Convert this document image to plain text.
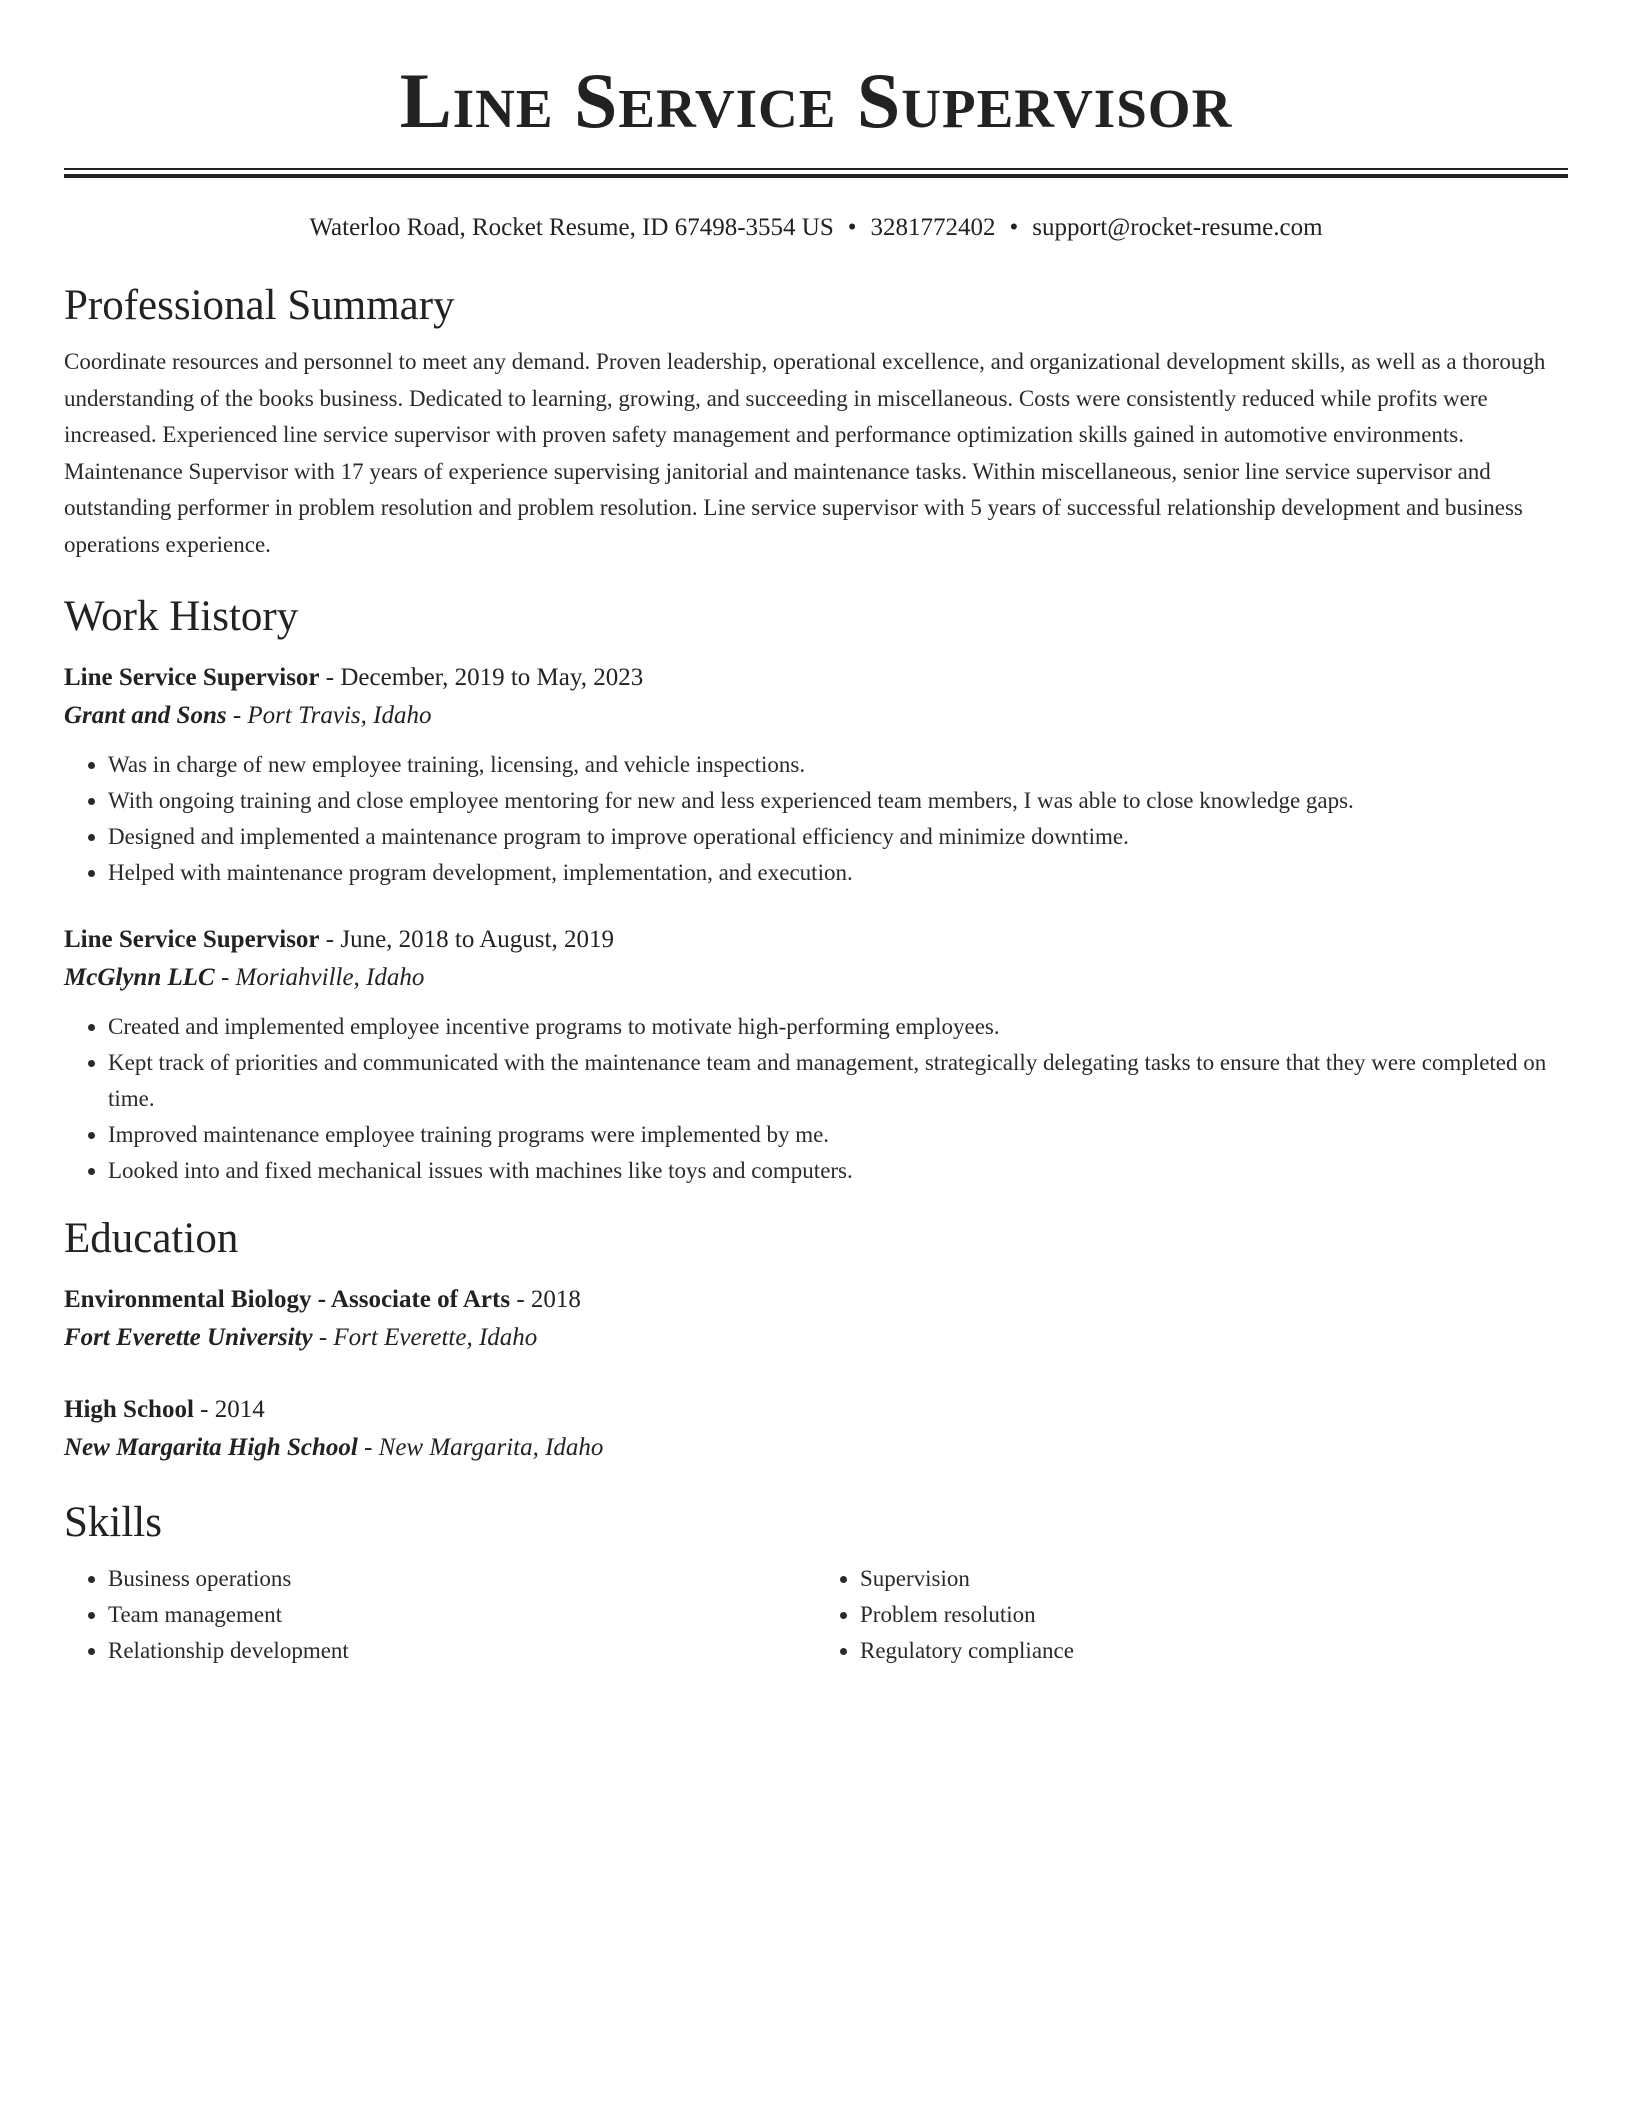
Line Service Supervisor
Waterloo Road, Rocket Resume, ID 67498-3554 US • 3281772402 • support@rocket-resume.com
Professional Summary
Coordinate resources and personnel to meet any demand. Proven leadership, operational excellence, and organizational development skills, as well as a thorough understanding of the books business. Dedicated to learning, growing, and succeeding in miscellaneous. Costs were consistently reduced while profits were increased. Experienced line service supervisor with proven safety management and performance optimization skills gained in automotive environments. Maintenance Supervisor with 17 years of experience supervising janitorial and maintenance tasks. Within miscellaneous, senior line service supervisor and outstanding performer in problem resolution and problem resolution. Line service supervisor with 5 years of successful relationship development and business operations experience.
Work History
Line Service Supervisor - December, 2019 to May, 2023
Grant and Sons - Port Travis, Idaho
• Was in charge of new employee training, licensing, and vehicle inspections.
• With ongoing training and close employee mentoring for new and less experienced team members, I was able to close knowledge gaps.
• Designed and implemented a maintenance program to improve operational efficiency and minimize downtime.
• Helped with maintenance program development, implementation, and execution.
Line Service Supervisor - June, 2018 to August, 2019
McGlynn LLC - Moriahville, Idaho
• Created and implemented employee incentive programs to motivate high-performing employees.
• Kept track of priorities and communicated with the maintenance team and management, strategically delegating tasks to ensure that they were completed on time.
• Improved maintenance employee training programs were implemented by me.
• Looked into and fixed mechanical issues with machines like toys and computers.
Education
Environmental Biology - Associate of Arts - 2018
Fort Everette University - Fort Everette, Idaho
High School - 2014
New Margarita High School - New Margarita, Idaho
Skills
• Business operations
• Team management
• Relationship development
• Supervision
• Problem resolution
• Regulatory compliance
